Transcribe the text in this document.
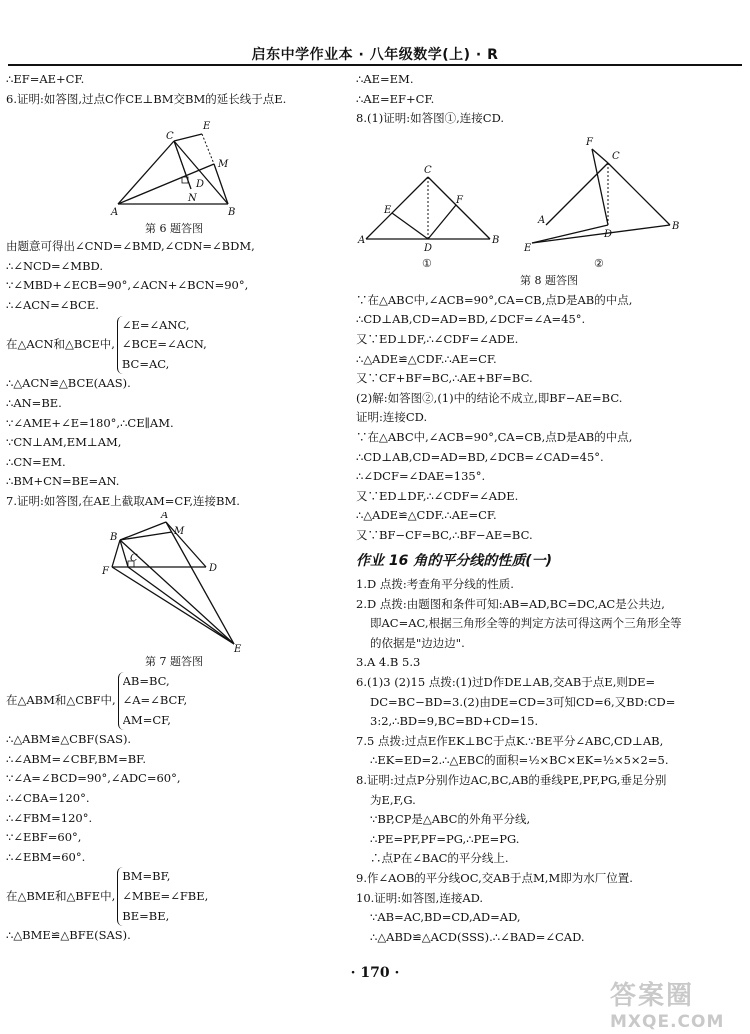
启东中学作业本 · 八年级数学(上) · R
∴EF=AE+CF.
6.证明:如答图,过点C作CE⊥BM交BM的延长线于点E.
C
E
M
N
D
A	B
第 6 题答图
由题意可得出∠CND=∠BMD,∠CDN=∠BDM,
∴∠NCD=∠MBD.
∵∠MBD+∠ECB=90°,∠ACN+∠BCN=90°,
∴∠ACN=∠BCE.
在△ACN和△BCE中,
∠E=∠ANC,
∠BCE=∠ACN,
BC=AC,
∴△ACN≌△BCE(AAS).
∴AN=BE.
∵∠AME+∠E=180°,∴CE∥AM.
∵CN⊥AM,EM⊥AM,
∴CN=EM.
∴BM+CN=BE=AN.
7.证明:如答图,在AE上截取AM=CF,连接BM.
A
M
B
C
F	D
E
第 7 题答图
在△ABM和△CBF中,
AB=BC,
∠A=∠BCF,
AM=CF,
∴△ABM≌△CBF(SAS).
∴∠ABM=∠CBF,BM=BF.
∵∠A=∠BCD=90°,∠ADC=60°,
∴∠CBA=120°.
∴∠FBM=120°.
∵∠EBF=60°,
∴∠EBM=60°.
在△BME和△BFE中,
BM=BF,
∠MBE=∠FBE,
BE=BE,
∴△BME≌△BFE(SAS).
∴AE=EM.
∴AE=EF+CF.
8.(1)证明:如答图①,连接CD.
C
E
F
A
D
B
①
F
C
A
D
B
E
②
第 8 题答图
∵在△ABC中,∠ACB=90°,CA=CB,点D是AB的中点,
∴CD⊥AB,CD=AD=BD,∠DCF=∠A=45°.
又∵ED⊥DF,∴∠CDF=∠ADE.
∴△ADE≌△CDF.∴AE=CF.
又∵CF+BF=BC,∴AE+BF=BC.
(2)解:如答图②,(1)中的结论不成立,即BF−AE=BC.
证明:连接CD.
∵在△ABC中,∠ACB=90°,CA=CB,点D是AB的中点,
∴CD⊥AB,CD=AD=BD,∠DCB=∠CAD=45°.
∴∠DCF=∠DAE=135°.
又∵ED⊥DF,∴∠CDF=∠ADE.
∴△ADE≌△CDF.∴AE=CF.
又∵BF−CF=BC,∴BF−AE=BC.
作业 16 角的平分线的性质(一)
1.D 点拨:考查角平分线的性质.
2.D 点拨:由题图和条件可知:AB=AD,BC=DC,AC是公共边,
即AC=AC,根据三角形全等的判定方法可得这两个三角形全等
的依据是"边边边".
3.A 4.B 5.3
6.(1)3 (2)15 点拨:(1)过D作DE⊥AB,交AB于点E,则DE=
DC=BC−BD=3.(2)由DE=CD=3可知CD=6,又BD:CD=
3:2,∴BD=9,BC=BD+CD=15.
7.5 点拨:过点E作EK⊥BC于点K.∵BE平分∠ABC,CD⊥AB,
∴EK=ED=2.∴△EBC的面积=½×BC×EK=½×5×2=5.
8.证明:过点P分别作边AC,BC,AB的垂线PE,PF,PG,垂足分别
为E,F,G.
∵BP,CP是△ABC的外角平分线,
∴PE=PF,PF=PG,∴PE=PG.
∴点P在∠BAC的平分线上.
9.作∠AOB的平分线OC,交AB于点M,M即为水厂位置.
10.证明:如答图,连接AD.
∵AB=AC,BD=CD,AD=AD,
∴△ABD≌△ACD(SSS).∴∠BAD=∠CAD.
· 170 ·
答案圈
MXQE.COM
